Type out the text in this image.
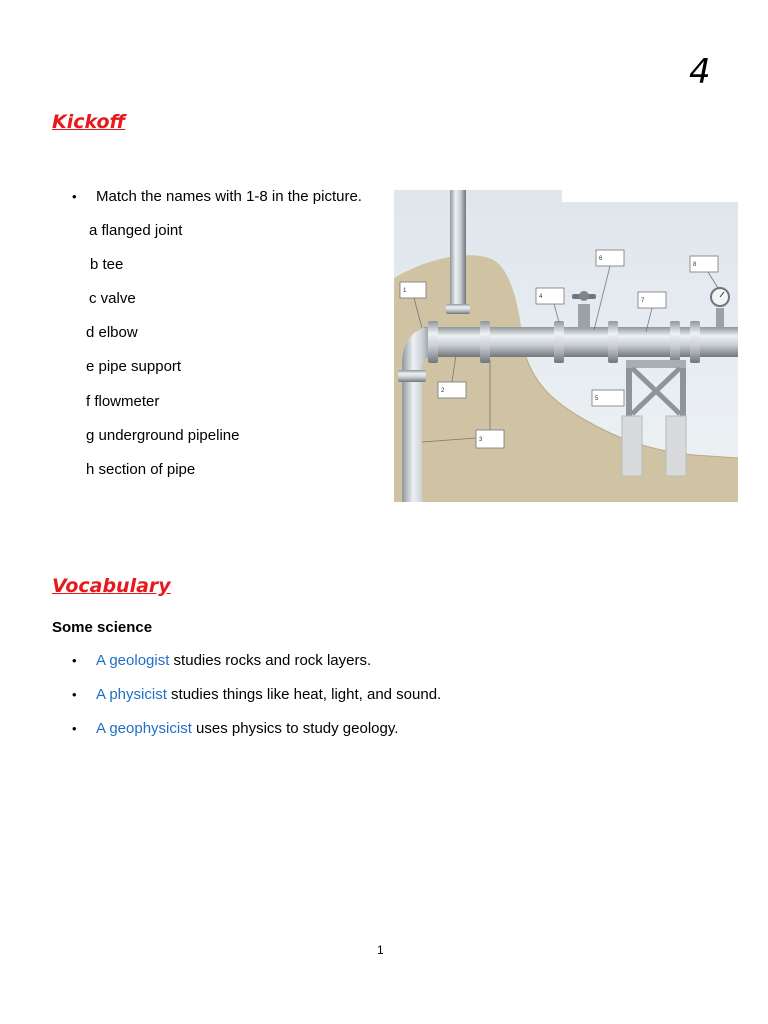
4
Kickoff
• Match the names with 1-8 in the picture.
a flanged joint
b tee
c valve
d elbow
e pipe support
f flowmeter
g underground pipeline
h section of pipe
1
2
3
4
5
6
7
8
Vocabulary
Some science
• A geologist studies rocks and rock layers.
• A physicist studies things like heat, light, and sound.
• A geophysicist uses physics to study geology.
1
